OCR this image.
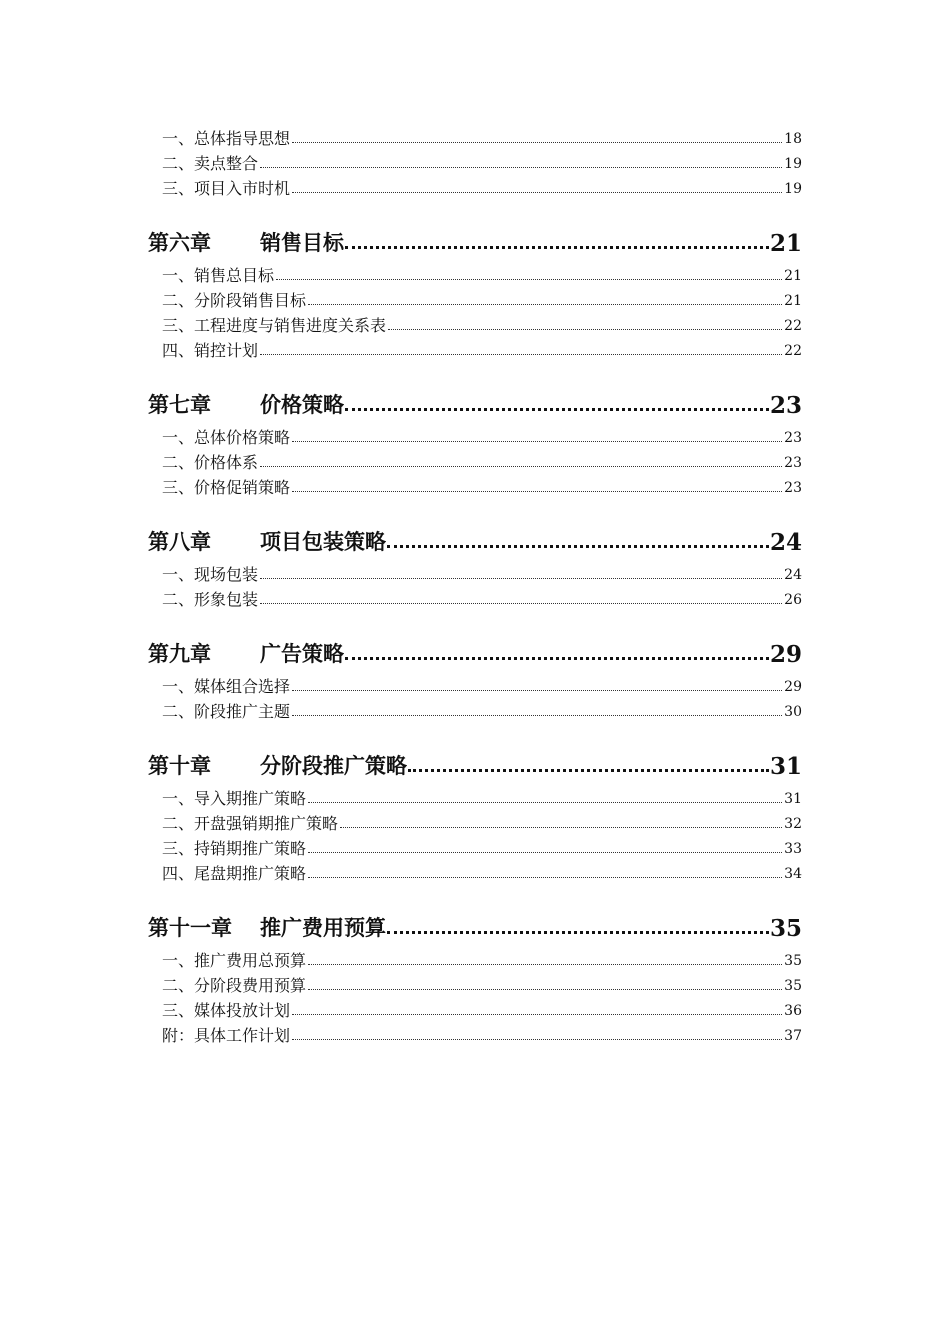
一、总体指导思想	18
二、卖点整合	19
三、项目入市时机	19
第六章	销售目标	21
一、销售总目标	21
二、分阶段销售目标	21
三、工程进度与销售进度关系表	22
四、销控计划	22
第七章	价格策略	23
一、总体价格策略	23
二、价格体系	23
三、价格促销策略	23
第八章	项目包装策略	24
一、现场包装	24
二、形象包装	26
第九章	广告策略	29
一、媒体组合选择	29
二、阶段推广主题	30
第十章	分阶段推广策略	31
一、导入期推广策略	31
二、开盘强销期推广策略	32
三、持销期推广策略	33
四、尾盘期推广策略	34
第十一章	推广费用预算	35
一、推广费用总预算	35
二、分阶段费用预算	35
三、媒体投放计划	36
附：具体工作计划	37
